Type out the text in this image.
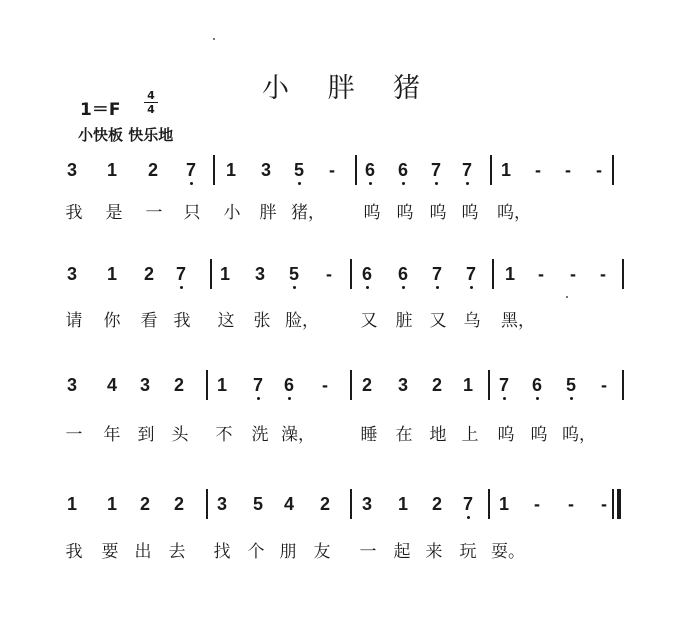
小 胖 猪
1＝F
4
4
小快板 快乐地
3 1 2 7 1 3 5	-	6 6 7 7 1	-	-	-
我 是 一 只 小 胖 猪， 呜 呜 呜 呜 呜，
3 1 2 7 1 3 5	-	6 6 7 7 1	-	-	-
请 你 看 我 这 张 脸， 又 脏 又 乌 黑，
3 4 3 2 1 7 6	-	2 3 2 1 7 6 5	-
一 年 到 头 不 洗 澡，	睡 在 地 上 呜 呜 呜，
1 1 2 2 3 5 4 2 3 1 2 7 1	-	-	-
我 要 出 去 找 个 朋 友 一 起 来 玩 耍。
